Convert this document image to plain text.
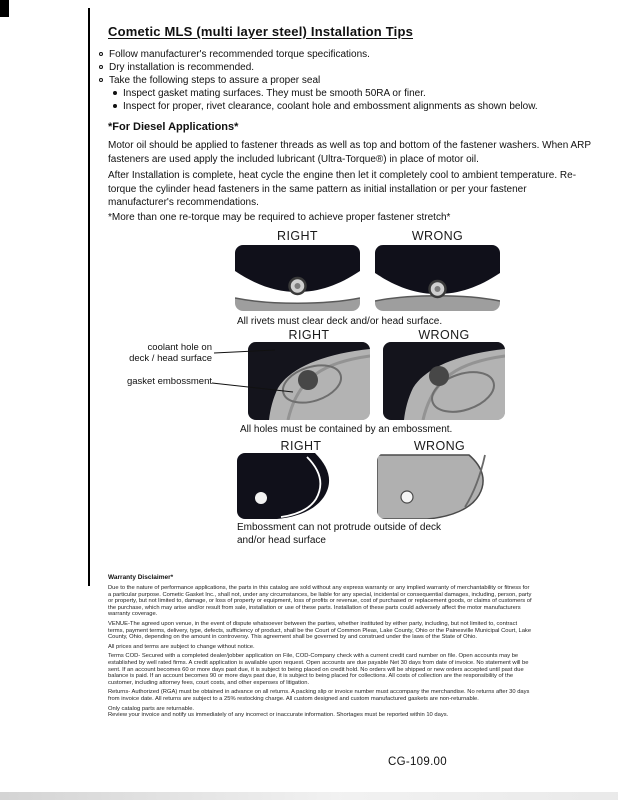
Cometic MLS (multi layer steel) Installation Tips
Follow manufacturer's recommended torque specifications.
Dry installation is recommended.
Take the following steps to assure a proper seal
Inspect gasket mating surfaces. They must be smooth 50RA or finer.
Inspect for proper, rivet clearance, coolant hole and embossment alignments as shown below.
*For Diesel Applications*
Motor oil should be applied to fastener threads as well as top and bottom of the fastener washers. When ARP fasteners are used apply the included lubricant (Ultra-Torque®) in place of motor oil.
After Installation is complete, heat cycle the engine then let it completely cool to ambient temperature. Re-torque the cylinder head fasteners in the same pattern as initial installation or per your fastener manufacturer's recommendations.
*More than one re-torque may be required to achieve proper fastener stretch*
RIGHT	WRONG
All rivets must clear deck and/or head surface.
RIGHT	WRONG
coolant hole on
deck / head surface
gasket embossment
All holes must be contained by an embossment.
RIGHT	WRONG
Embossment can not protrude outside of deck
and/or head surface
Warranty Disclaimer*

Due to the nature of performance applications, the parts in this catalog are sold without any express warranty or any implied warranty of merchantability or fitness for a particular purpose. Cometic Gasket Inc., shall not, under any circumstances, be liable for any special, incidental or consequential damages, including, person, party or property, but not limited to, damage, or loss of property or equipment, loss of profits or revenue, cost of purchased or replacement goods, or claims of customers of the purchase, which may arise and/or result from sale, installation or use of these parts. Installation of these parts could adversely affect the motor manufacturers warranty coverage.

VENUE-The agreed upon venue, in the event of dispute whatsoever between the parties, whether instituted by either party, including, but not limited to, contract terms, payment terms, delivery, type, defects, sufficiency of product, shall be the Court of Common Pleas, Lake County, Ohio or the Painesville Municipal Court, Lake County, Ohio, depending on the amount in controversy. This agreement shall be governed by and construed under the laws of the State of Ohio.

All prices and terms are subject to change without notice.

Terms COD- Secured with a completed dealer/jobber application on File, COD-Company check with a current credit card number on file. Open accounts may be established by well rated firms. A credit application is available upon request. Open accounts are due payable Net 30 days from date of invoice. No statement will be sent. If an account becomes 60 or more days past due, it is subject to being placed on credit hold. No orders will be shipped or new orders accepted until past due balance is paid. If an account becomes 90 or more days past due, it is subject to being placed for collections. All costs of collection are the responsibility of the customer, including attorney fees, court costs, and other expenses of litigation.

Returns- Authorized (RGA) must be obtained in advance on all returns. A packing slip or invoice number must accompany the merchandise. No returns after 30 days from invoice date. All returns are subject to a 25% restocking charge. All custom designed and custom manufactured gaskets are non-returnable.

Only catalog parts are returnable.

Review your invoice and notify us immediately of any incorrect or inaccurate information. Shortages must be reported within 10 days.

CG-109.00
